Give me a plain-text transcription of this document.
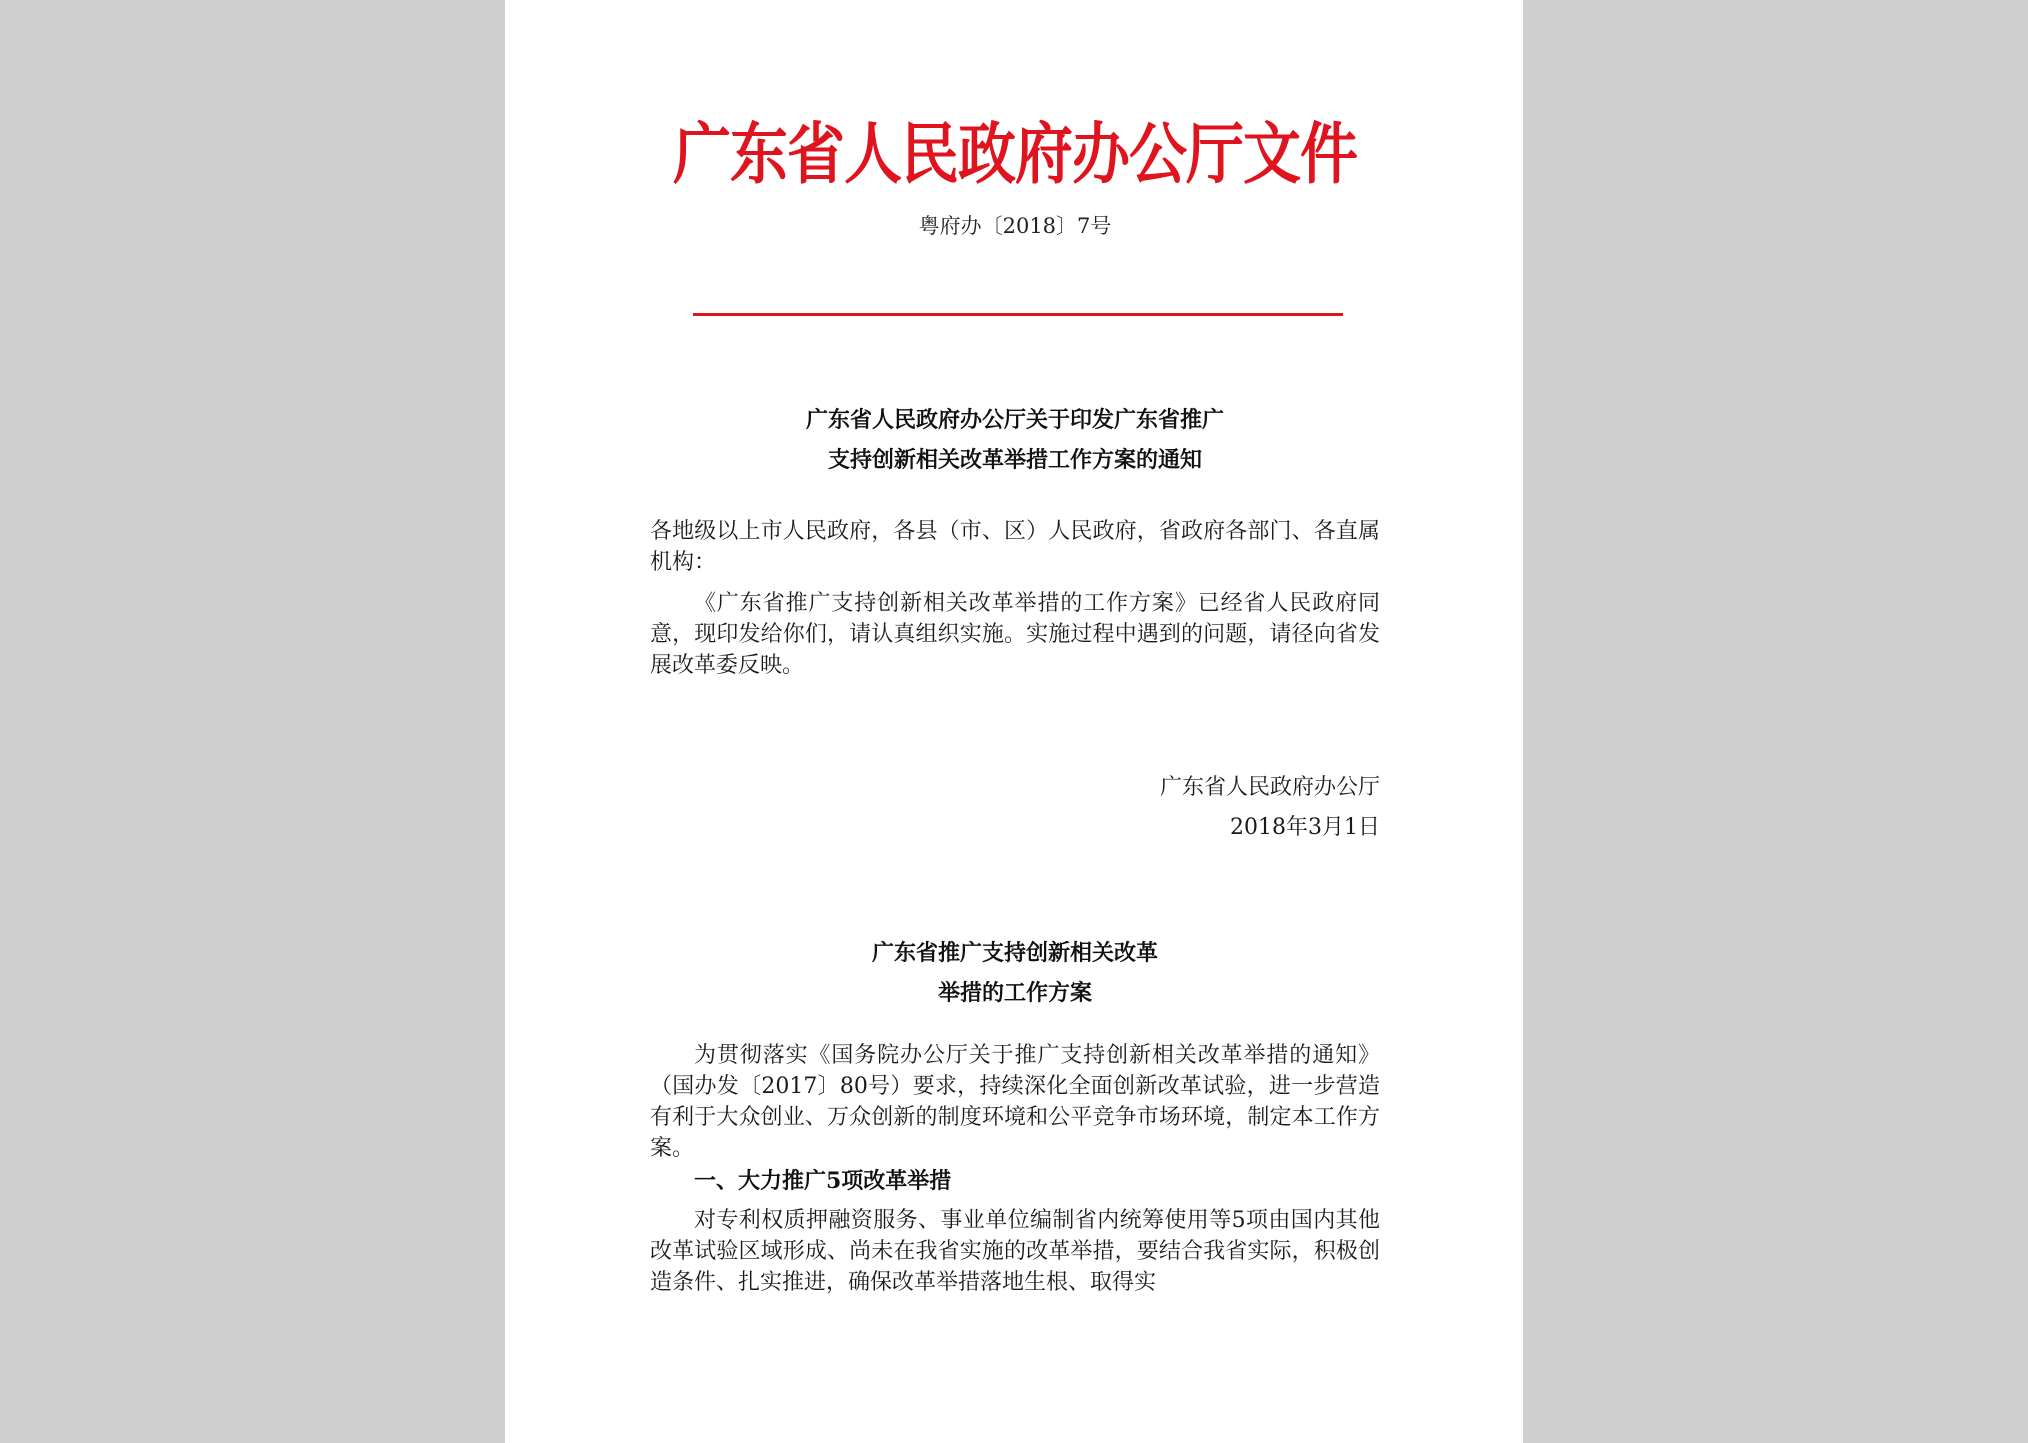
广东省人民政府办公厅文件
粤府办〔2018〕7号
广东省人民政府办公厅关于印发广东省推广
支持创新相关改革举措工作方案的通知
各地级以上市人民政府，各县（市、区）人民政府，省政府各部门、各直属机构：
《广东省推广支持创新相关改革举措的工作方案》已经省人民政府同意，现印发给你们，请认真组织实施。实施过程中遇到的问题，请径向省发展改革委反映。
广东省人民政府办公厅
2018年3月1日
广东省推广支持创新相关改革
举措的工作方案
为贯彻落实《国务院办公厅关于推广支持创新相关改革举措的通知》（国办发〔2017〕80号）要求，持续深化全面创新改革试验，进一步营造有利于大众创业、万众创新的制度环境和公平竞争市场环境，制定本工作方案。
一、大力推广5项改革举措
对专利权质押融资服务、事业单位编制省内统筹使用等5项由国内其他改革试验区域形成、尚未在我省实施的改革举措，要结合我省实际，积极创造条件、扎实推进，确保改革举措落地生根、取得实
